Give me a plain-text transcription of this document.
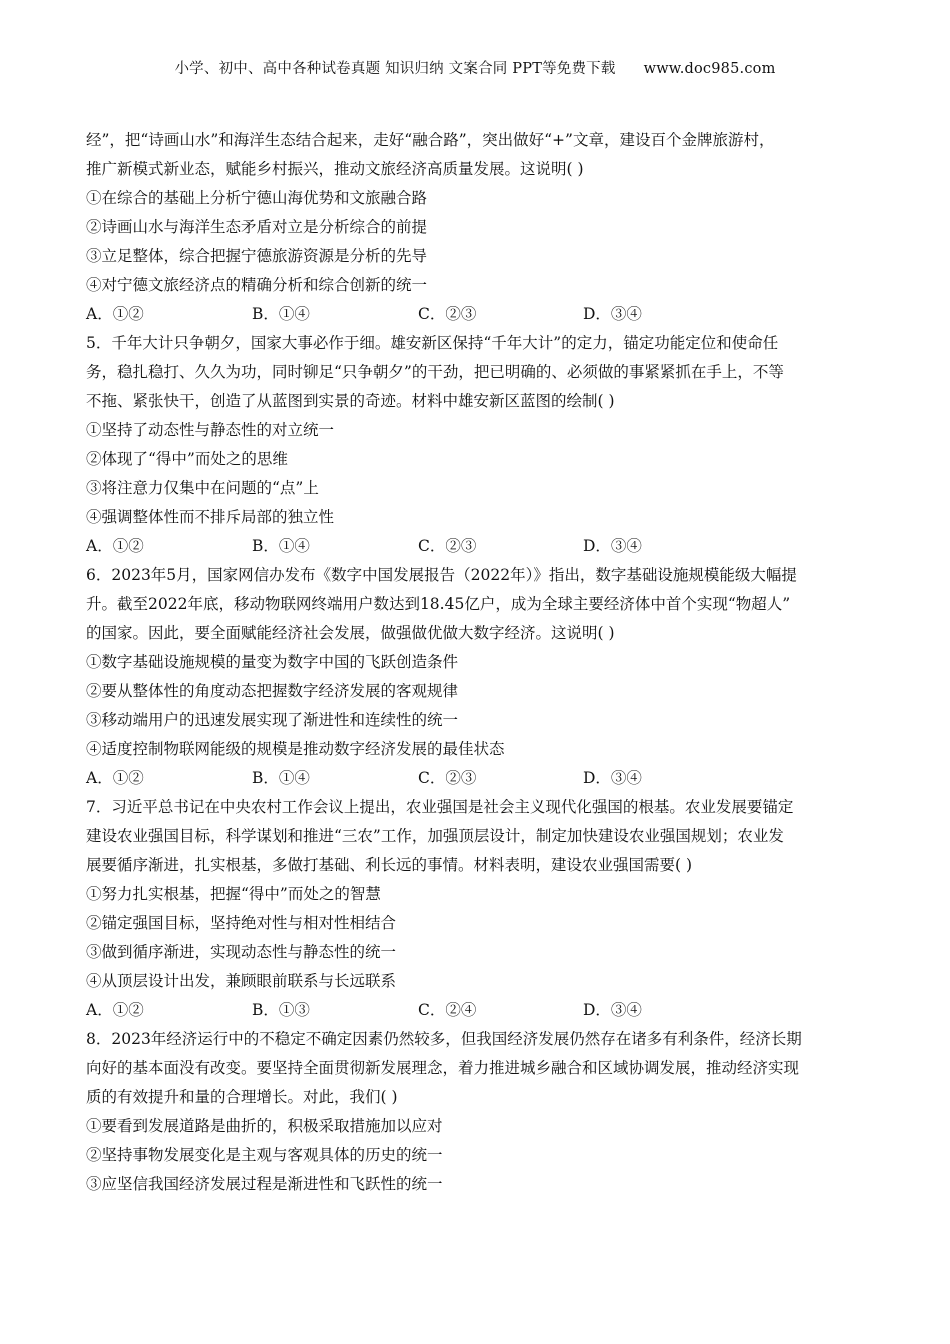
小学、初中、高中各种试卷真题 知识归纳 文案合同 PPT等免费下载 www.doc985.com
经”，把“诗画山水”和海洋生态结合起来，走好“融合路”，突出做好“+”文章，建设百个金牌旅游村，
推广新模式新业态，赋能乡村振兴，推动文旅经济高质量发展。这说明( )
①在综合的基础上分析宁德山海优势和文旅融合路
②诗画山水与海洋生态矛盾对立是分析综合的前提
③立足整体，综合把握宁德旅游资源是分析的先导
④对宁德文旅经济点的精确分析和综合创新的统一
A．①②	B．①④	C．②③	D．③④
5．千年大计只争朝夕，国家大事必作于细。雄安新区保持“千年大计”的定力，锚定功能定位和使命任
务，稳扎稳打、久久为功，同时铆足“只争朝夕”的干劲，把已明确的、必须做的事紧紧抓在手上，不等
不拖、紧张快干，创造了从蓝图到实景的奇迹。材料中雄安新区蓝图的绘制( )
①坚持了动态性与静态性的对立统一
②体现了“得中”而处之的思维
③将注意力仅集中在问题的“点”上
④强调整体性而不排斥局部的独立性
A．①②	B．①④	C．②③	D．③④
6．2023年5月，国家网信办发布《数字中国发展报告（2022年）》指出，数字基础设施规模能级大幅提
升。截至2022年底，移动物联网终端用户数达到18.45亿户，成为全球主要经济体中首个实现“物超人”
的国家。因此，要全面赋能经济社会发展，做强做优做大数字经济。这说明( )
①数字基础设施规模的量变为数字中国的飞跃创造条件
②要从整体性的角度动态把握数字经济发展的客观规律
③移动端用户的迅速发展实现了渐进性和连续性的统一
④适度控制物联网能级的规模是推动数字经济发展的最佳状态
A．①②	B．①④	C．②③	D．③④
7．习近平总书记在中央农村工作会议上提出，农业强国是社会主义现代化强国的根基。农业发展要锚定
建设农业强国目标，科学谋划和推进“三农”工作，加强顶层设计，制定加快建设农业强国规划；农业发
展要循序渐进，扎实根基，多做打基础、利长远的事情。材料表明，建设农业强国需要( )
①努力扎实根基，把握“得中”而处之的智慧
②锚定强国目标，坚持绝对性与相对性相结合
③做到循序渐进，实现动态性与静态性的统一
④从顶层设计出发，兼顾眼前联系与长远联系
A．①②	B．①③	C．②④	D．③④
8．2023年经济运行中的不稳定不确定因素仍然较多，但我国经济发展仍然存在诸多有利条件，经济长期
向好的基本面没有改变。要坚持全面贯彻新发展理念，着力推进城乡融合和区域协调发展，推动经济实现
质的有效提升和量的合理增长。对此，我们( )
①要看到发展道路是曲折的，积极采取措施加以应对
②坚持事物发展变化是主观与客观具体的历史的统一
③应坚信我国经济发展过程是渐进性和飞跃性的统一
